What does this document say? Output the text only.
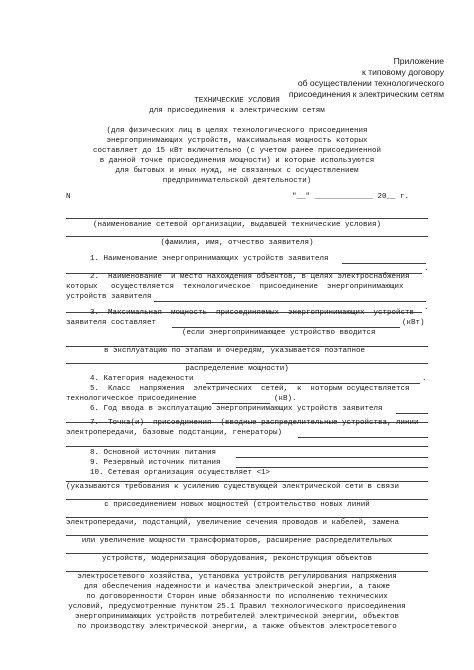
Приложение
к типовому договору
об осуществлении технологического
присоединения к электрическим сетям
ТЕХНИЧЕСКИЕ УСЛОВИЯ
для присоединения к электрическим сетям
(для физических лиц в целях технологического присоединения
энергопринимающих устройств, максимальная мощность которых
составляет до 15 кВт включительно (с учетом ранее присоединенной
в данной точке присоединения мощности) и которые используются
для бытовых и иных нужд, не связанных с осуществлением
предпринимательской деятельности)
N	"__" _____________ 20__ г.
(наименование сетевой организации, выдавшей технические условия)
(фамилия, имя, отчество заявителя)
1. Наименование энергопринимающих устройств заявителя
.
2.  Наименование  и место нахождения объектов, в целях электроснабжения
которых   осуществляется  технологическое  присоединение  энергопринимающих
устройств заявителя
.
3.  Максимальная  мощность  присоединяемых  энергопринимающих  устройств
заявителя составляет	(кВт)
(если энергопринимающее устройство вводится
в эксплуатацию по этапам и очередям, указывается поэтапное
распределение мощности)
4. Категория надежности	.
5.  Класс  напряжения  электрических  сетей,  к  которым осуществляется
технологическое присоединение	(кВ).
6. Год ввода в эксплуатацию энергопринимающих устройств заявителя
7.  Точка(и)  присоединения  (вводные распределительные устройства, линии
электропередачи, базовые подстанции, генераторы)
8. Основной источник питания
9. Резервный источник питания
10. Сетевая организация осуществляет <1>
(указываются требования к усилению существующей электрической сети в связи
с присоединением новых мощностей (строительство новых линий
электропередачи, подстанций, увеличение сечения проводов и кабелей, замена
или увеличение мощности трансформаторов, расширение распределительных
устройств, модернизация оборудования, реконструкция объектов
электросетевого хозяйства, установка устройств регулирования напряжения
для обеспечения надежности и качества электрической энергии, а также
по договоренности Сторон иные обязанности по исполнению технических
условий, предусмотренные пунктом 25.1 Правил технологического присоединения
энергопринимающих устройств потребителей электрической энергии, объектов
по производству электрической энергии, а также объектов электросетевого
